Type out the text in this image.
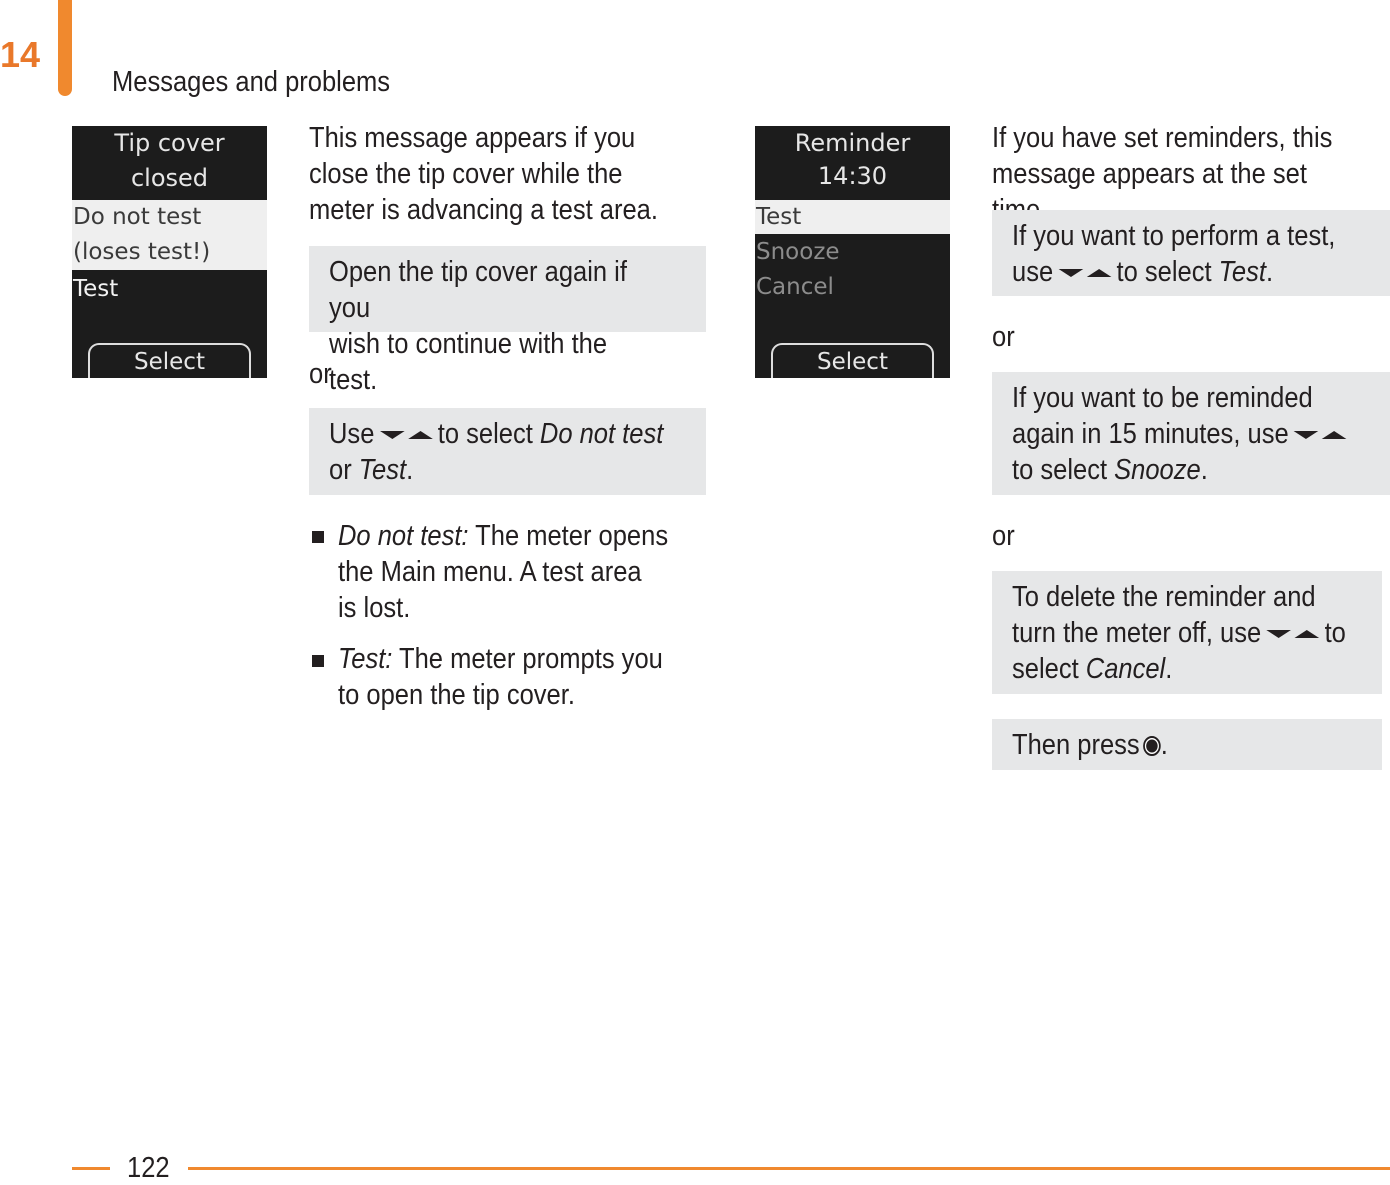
14
Messages and problems
Tip cover
closed
Do not test
(loses test!)
Test
Select
This message appears if you
close the tip cover while the
meter is advancing a test area.
Open the tip cover again if you
wish to continue with the test.
or
Use to select Do not test
or Test.
Do not test: The meter opens
the Main menu. A test area
is lost.
Test: The meter prompts you
to open the tip cover.
Reminder
14:30
Test
Snooze
Cancel
Select
If you have set reminders, this
message appears at the set
If you want to perform a test,
use to select Test.
or
If you want to be reminded
again in 15 minutes, use
to select Snooze.
or
To delete the reminder and
turn the meter off, use to
select Cancel.
Then press .
122
